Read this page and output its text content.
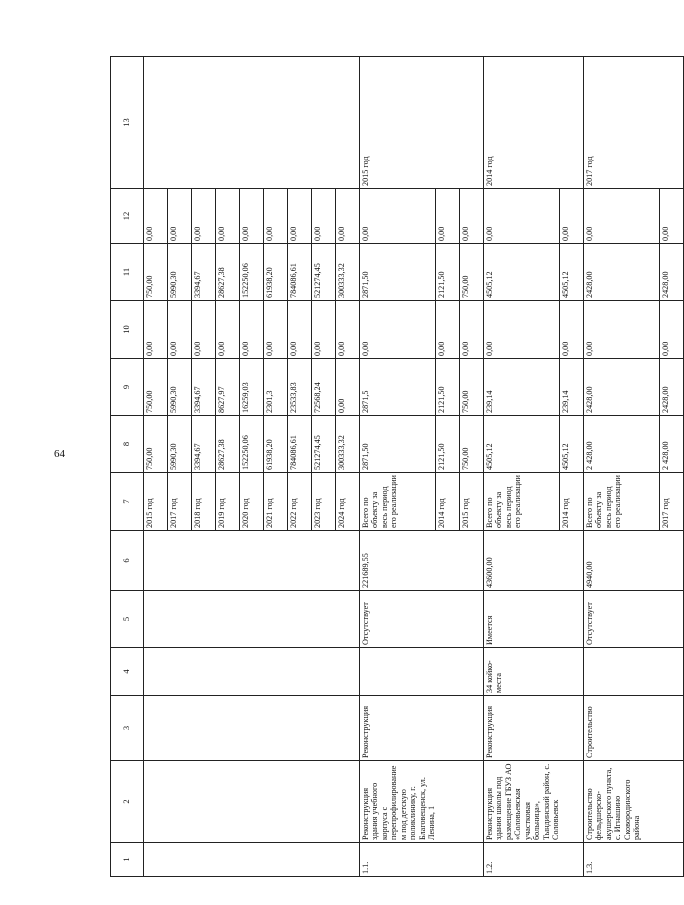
64
1	2	3	4	5	6	7	8	9	10	11	12	13
						2015 год	750,00	750,00	0,00	750,00	0,00	
						2017 год	5990,30	5990,30	0,00	5990,30	0,00	
						2018 год	3394,67	3394,67	0,00	3394,67	0,00	
						2019 год	28627,38	8627,97	0,00	28627,38	0,00	
						2020 год	152250,06	16259,03	0,00	152250,06	0,00	
						2021 год	61938,20	2301,3	0,00	61938,20	0,00	
						2022 год	784086,61	23533,83	0,00	784086,61	0,00	
						2023 год	521274,45	72568,24	0,00	521274,45	0,00	
						2024 год	300333,32	0,00	0,00	300333,32	0,00	
1.1.	Реконструкция здания учебного корпуса с перепрофилированием под детскую поликлинику, г. Благовещенск, ул. Ленина, 1	Реконструкция		Отсутствует	221689,55	Всего по объекту за весь период его реализации	2871,50	2871,5	0,00	2871,50	0,00	2015 год
						2014 год	2121,50	2121,50	0,00	2121,50	0,00	
						2015 год	750,00	750,00	0,00	750,00	0,00	
1.2.	Реконструкция здания школы под размещение ГБУЗ АО «Соловьевская участковая больница», Тындинский район, с. Соловьевск	Реконструкция	34 койко-места	Имеется	43600,00	Всего по объекту за весь период его реализации	4505,12	239,14	0,00	4505,12	0,00	2014 год
						2014 год	4505,12	239,14	0,00	4505,12	0,00	
1.3.	Строительство фельдшерско-акушерского пункта, с. Игнашино Сковородинского района	Строительство		Отсутствует	4940,00	Всего по объекту за весь период его реализации	2 428,00	2428,00	0,00	2428,00	0,00	2017 год
						2017 год	2 428,00	2428,00	0,00	2428,00	0,00	
